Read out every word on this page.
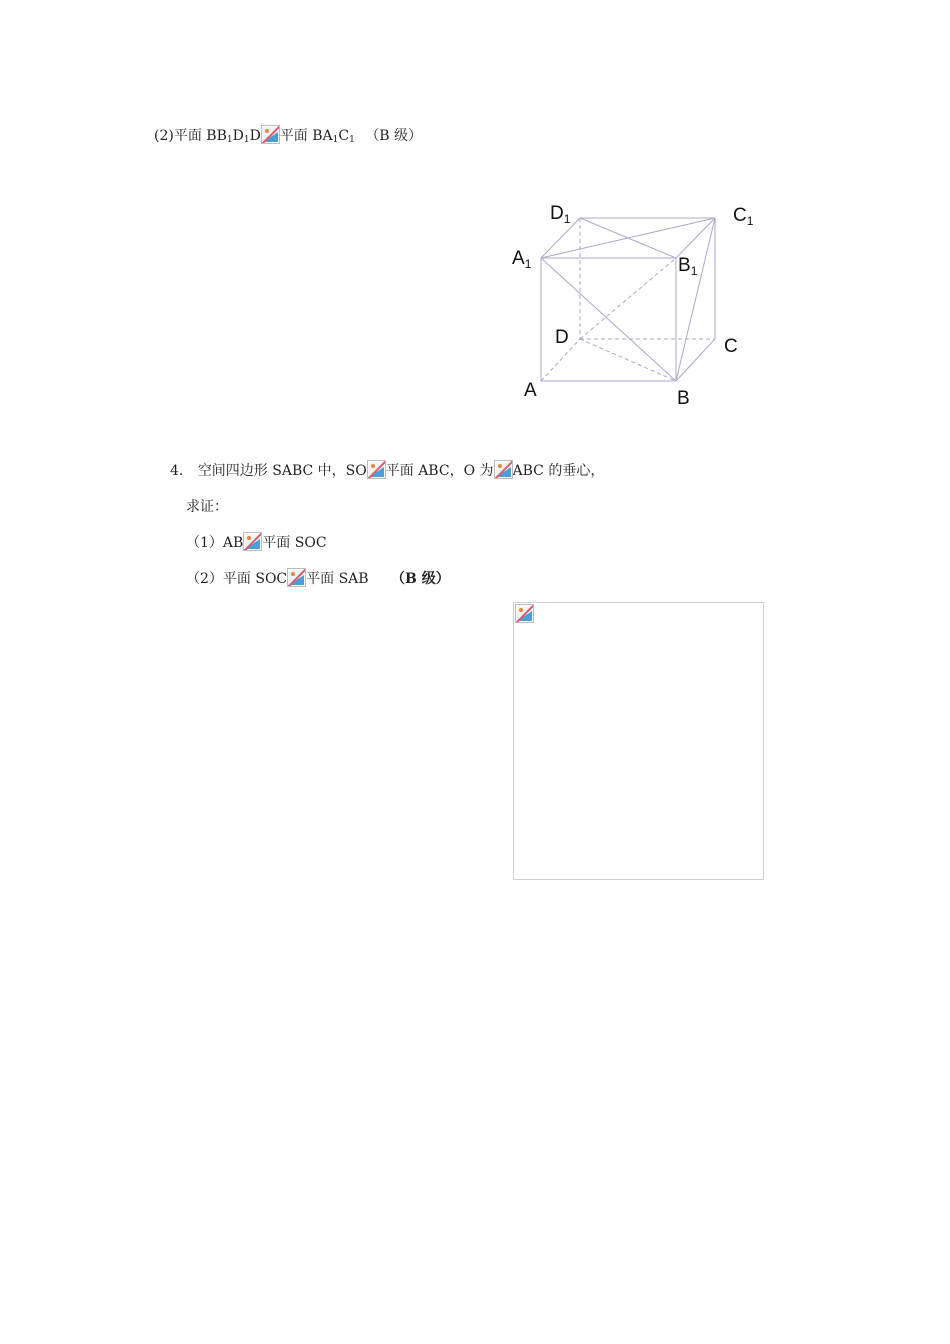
(2)平面 $BB_1D_1D$ 平面 $BA_1C_1$ （B 级）
$D_1$	$C_1$
$A_1$	$B_1$
D	C
A	B
4. 空间四边形 SABC 中，SO 平面 ABC，O 为 ABC 的垂心，
求证：
（1）AB 平面 SOC
（2）平面 SOC 平面 SAB （B 级）
